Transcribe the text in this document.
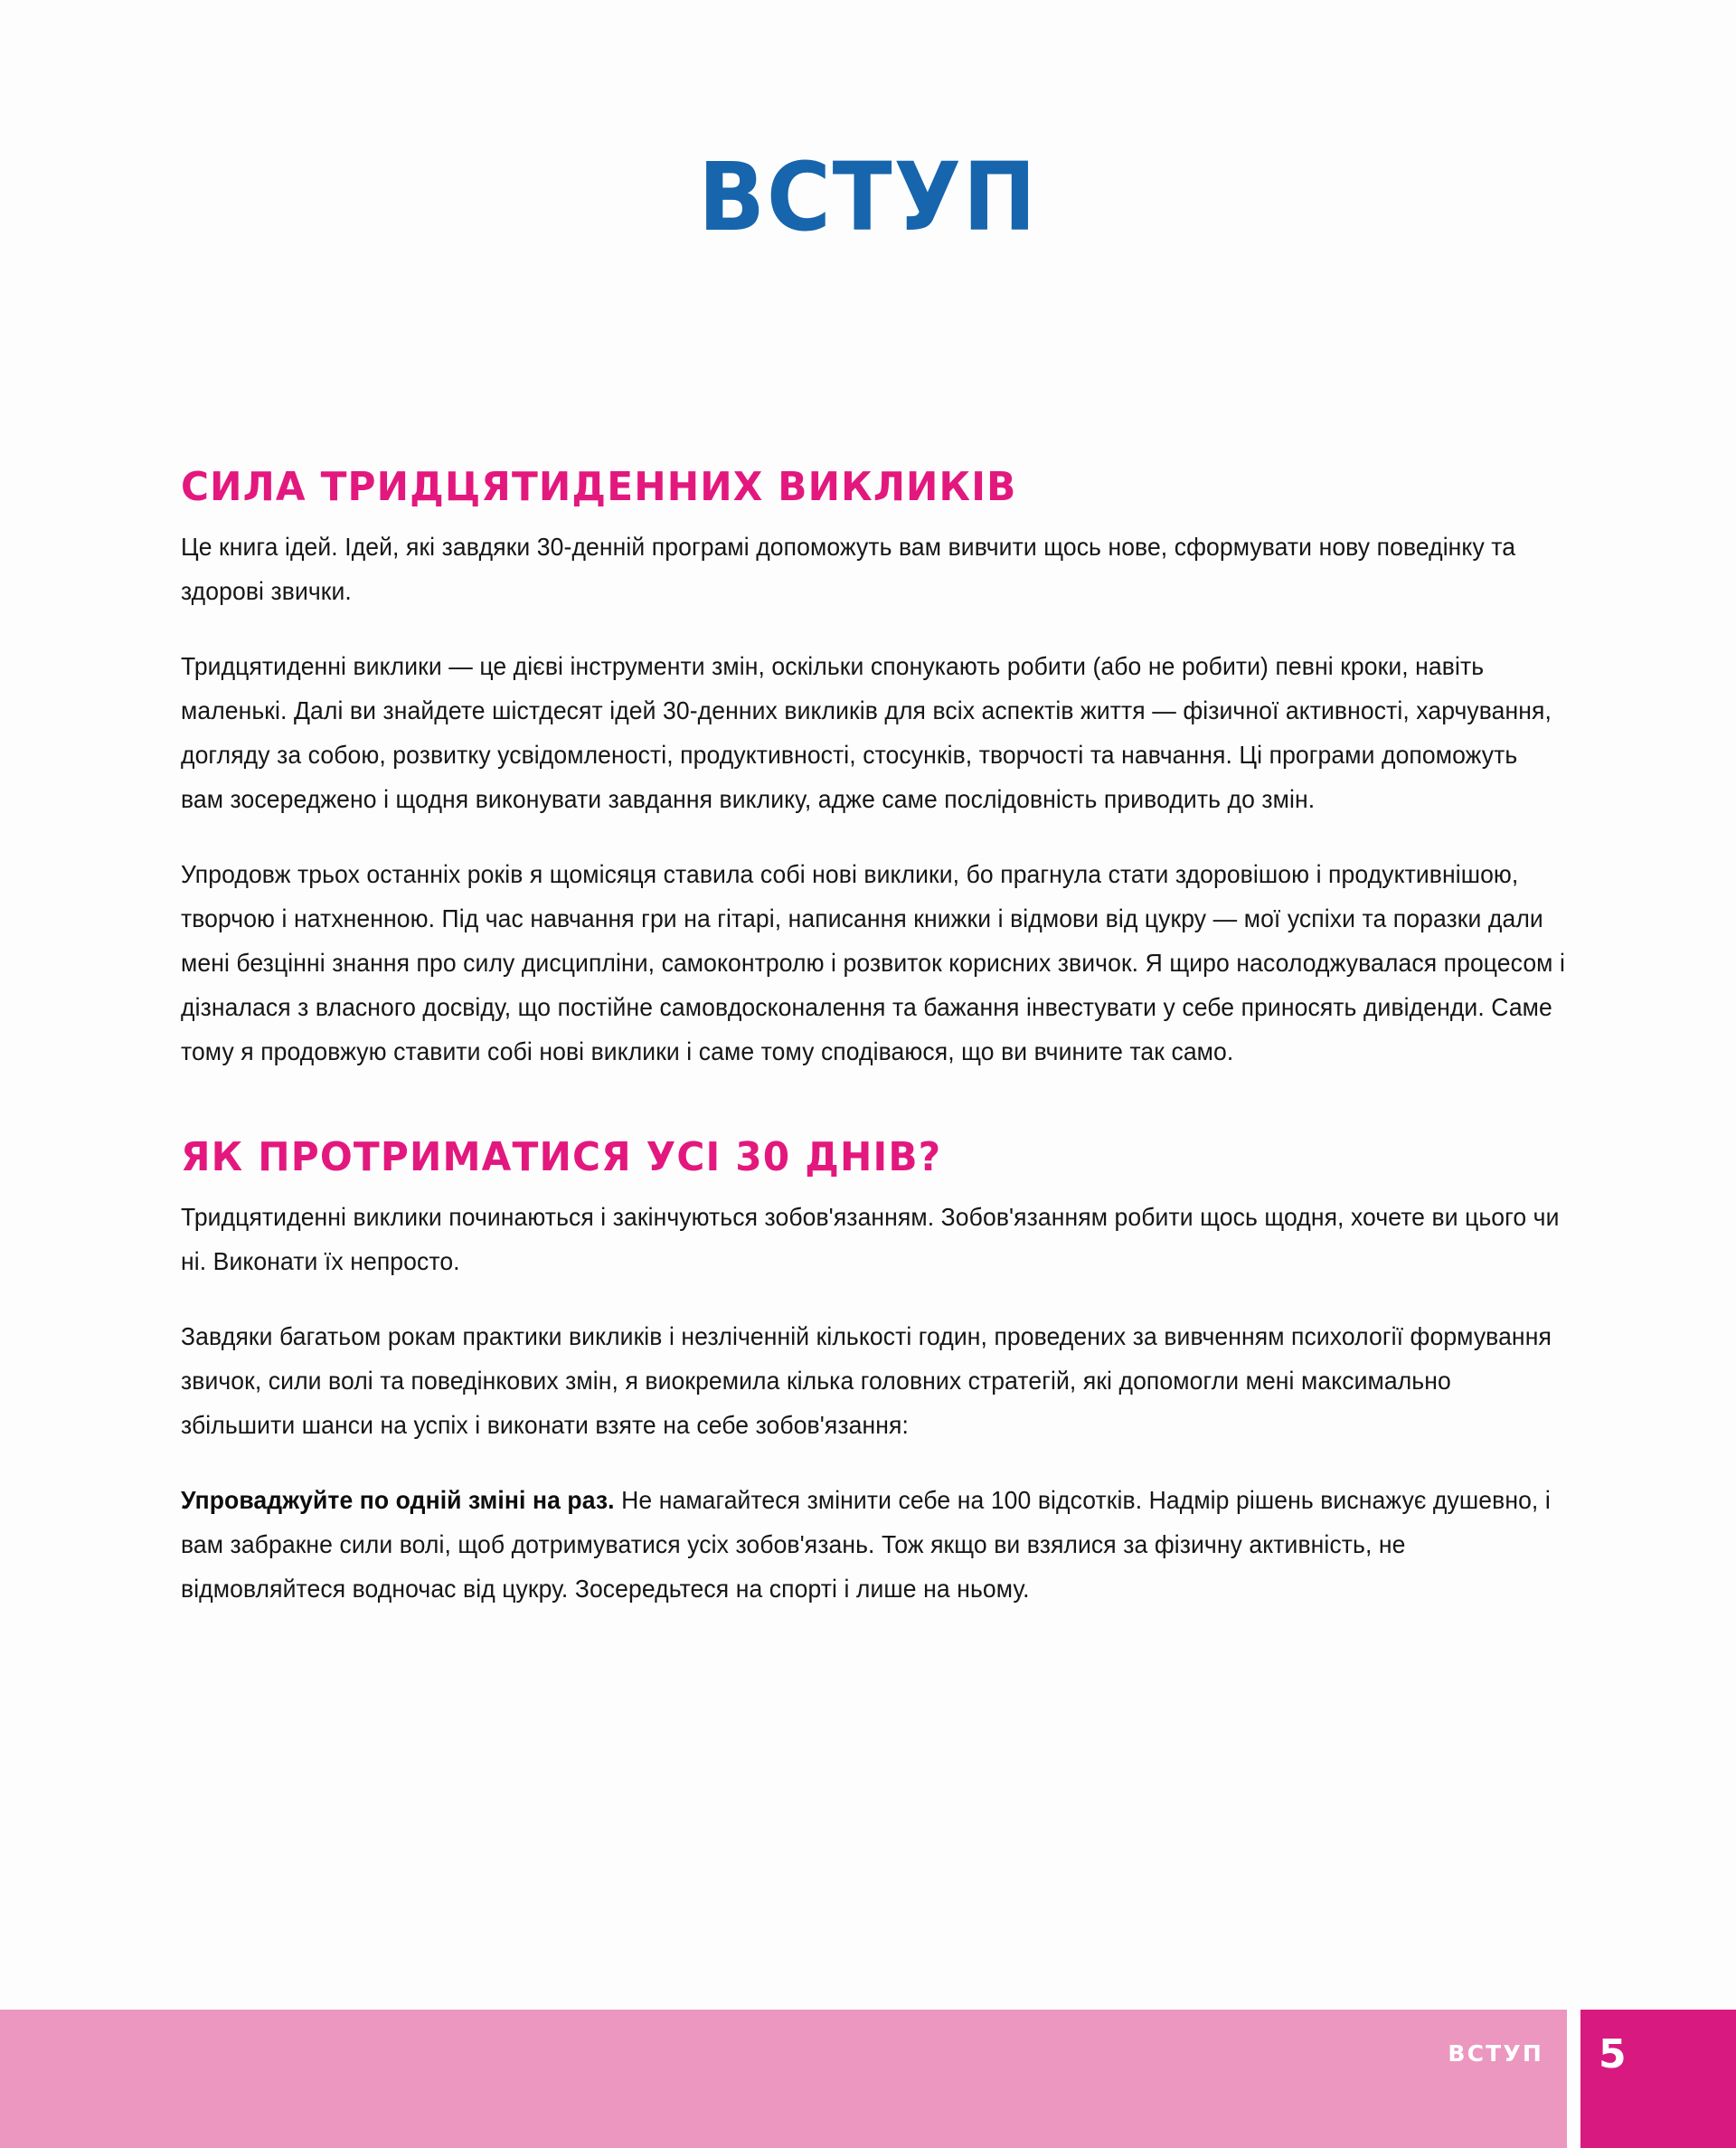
ВСТУП
СИЛА ТРИДЦЯТИДЕННИХ ВИКЛИКІВ

Це книга ідей. Ідей, які завдяки 30-денній програмі допоможуть вам вивчити щось нове, сформувати нову поведінку та здорові звички.

Тридцятиденні виклики — це дієві інструменти змін, оскільки спонукають робити (або не робити) певні кроки, навіть маленькі. Далі ви знайдете шістдесят ідей 30-денних викликів для всіх аспектів життя — фізичної активності, харчування, догляду за собою, розвитку усвідомленості, продуктивності, стосунків, творчості та навчання. Ці програми допоможуть вам зосереджено і щодня виконувати завдання виклику, адже саме послідовність приводить до змін.

Упродовж трьох останніх років я щомісяця ставила собі нові виклики, бо прагнула стати здоровішою і продуктивнішою, творчою і натхненною. Під час навчання гри на гітарі, написання книжки і відмови від цукру — мої успіхи та поразки дали мені безцінні знання про силу дисципліни, самоконтролю і розвиток корисних звичок. Я щиро насолоджувалася процесом і дізналася з власного досвіду, що постійне самовдосконалення та бажання інвестувати у себе приносять дивіденди. Саме тому я продовжую ставити собі нові виклики і саме тому сподіваюся, що ви вчините так само.

ЯК ПРОТРИМАТИСЯ УСІ 30 ДНІВ?

Тридцятиденні виклики починаються і закінчуються зобов'язанням. Зобов'язанням робити щось щодня, хочете ви цього чи ні. Виконати їх непросто.

Завдяки багатьом рокам практики викликів і незліченній кількості годин, проведених за вивченням психології формування звичок, сили волі та поведінкових змін, я виокремила кілька головних стратегій, які допомогли мені максимально збільшити шанси на успіх і виконати взяте на себе зобов'язання:

Упроваджуйте по одній зміні на раз. Не намагайтеся змінити себе на 100 відсотків. Надмір рішень виснажує душевно, і вам забракне сили волі, щоб дотримуватися усіх зобов'язань. Тож якщо ви взялися за фізичну активність, не відмовляйтеся водночас від цукру. Зосередьтеся на спорті і лише на ньому.

ВСТУП	5
